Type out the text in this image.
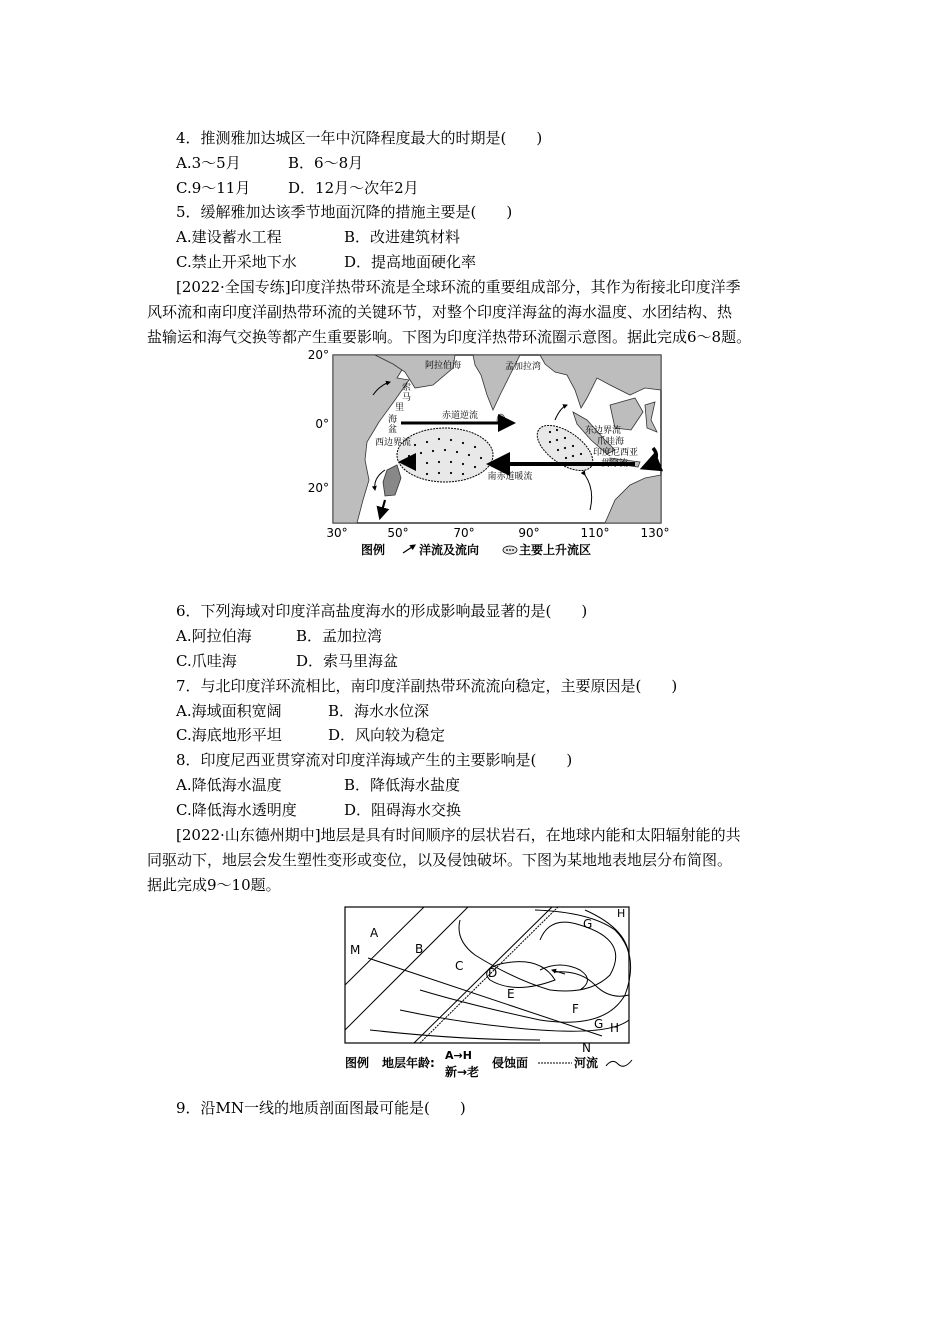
4．推测雅加达城区一年中沉降程度最大的时期是(　　)
A.3～5月	B．6～8月
C.9～11月	D．12月～次年2月
5．缓解雅加达该季节地面沉降的措施主要是(　　)
A.建设蓄水工程	B．改进建筑材料
C.禁止开采地下水	D．提高地面硬化率
[2022·全国专练]印度洋热带环流是全球环流的重要组成部分，其作为衔接北印度洋季
风环流和南印度洋副热带环流的关键环节，对整个印度洋海盆的海水温度、水团结构、热
盐输运和海气交换等都产生重要影响。下图为印度洋热带环流圈示意图。据此完成6～8题。
20°
0°
20°
30°	50°	70°	90°	110°	130°
阿拉伯海	孟加拉湾
索
马
里
海
盆
赤道逆流
西边界流
南赤道暖流
东边界流
爪哇海
印度尼西亚
贯穿流
图例	洋流及流向	主要上升流区
6．下列海域对印度洋高盐度海水的形成影响最显著的是(　　)
A.阿拉伯海	B．孟加拉湾
C.爪哇海	D．索马里海盆
7．与北印度洋环流相比，南印度洋副热带环流流向稳定，主要原因是(　　)
A.海域面积宽阔	B．海水水位深
C.海底地形平坦	D．风向较为稳定
8．印度尼西亚贯穿流对印度洋海域产生的主要影响是(　　)
A.降低海水温度	B．降低海水盐度
C.降低海水透明度	D．阻碍海水交换
[2022·山东德州期中]地层是具有时间顺序的层状岩石，在地球内能和太阳辐射能的共
同驱动下，地层会发生塑性变形或变位，以及侵蚀破坏。下图为某地地表地层分布简图。
据此完成9～10题。
A
B
C D
E
F
G
G
H
H
M
N
图例 地层年龄:
A→H
新→老
侵蚀面	河流
9．沿MN一线的地质剖面图最可能是(　　)
